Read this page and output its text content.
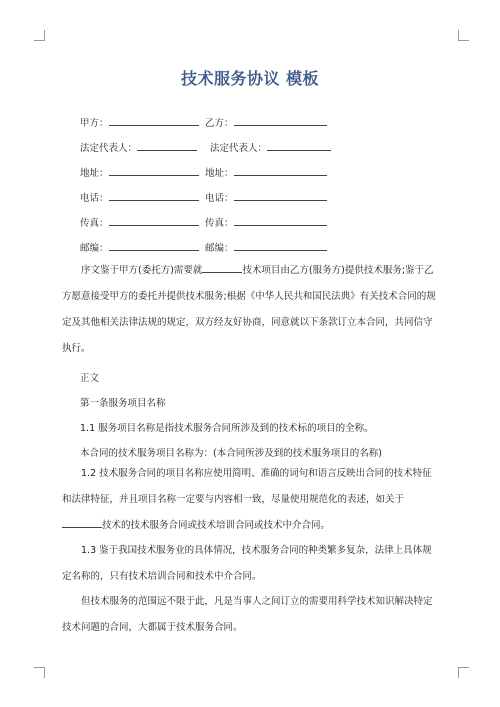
技术服务协议 模板
甲方：	乙方：
法定代表人：	法定代表人：
地址：	地址：
电话：	电话：
传真：	传真：
邮编：	邮编：
序文鉴于甲方(委托方)需要就	技术项目由乙方(服务方)提供技术服务;鉴于乙方愿意接受甲方的委托并提供技术服务;根据《中华人民共和国民法典》有关技术合同的规定及其他相关法律法规的规定，双方经友好协商，同意就以下条款订立本合同，共同信守执行。
正文
第一条服务项目名称
1.1 服务项目名称是指技术服务合同所涉及到的技术标的项目的全称。
本合同的技术服务项目名称为：(本合同所涉及到的技术服务项目的名称)
1.2 技术服务合同的项目名称应使用简明、准确的词句和语言反映出合同的技术特征和法律特征，并且项目名称一定要与内容相一致，尽量使用规范化的表述，如关于技术的技术服务合同或技术培训合同或技术中介合同。
1.3 鉴于我国技术服务业的具体情况，技术服务合同的种类繁多复杂，法律上具体规定名称的，只有技术培训合同和技术中介合同。
但技术服务的范围远不限于此，凡是当事人之间订立的需要用科学技术知识解决特定技术问题的合同，大都属于技术服务合同。
